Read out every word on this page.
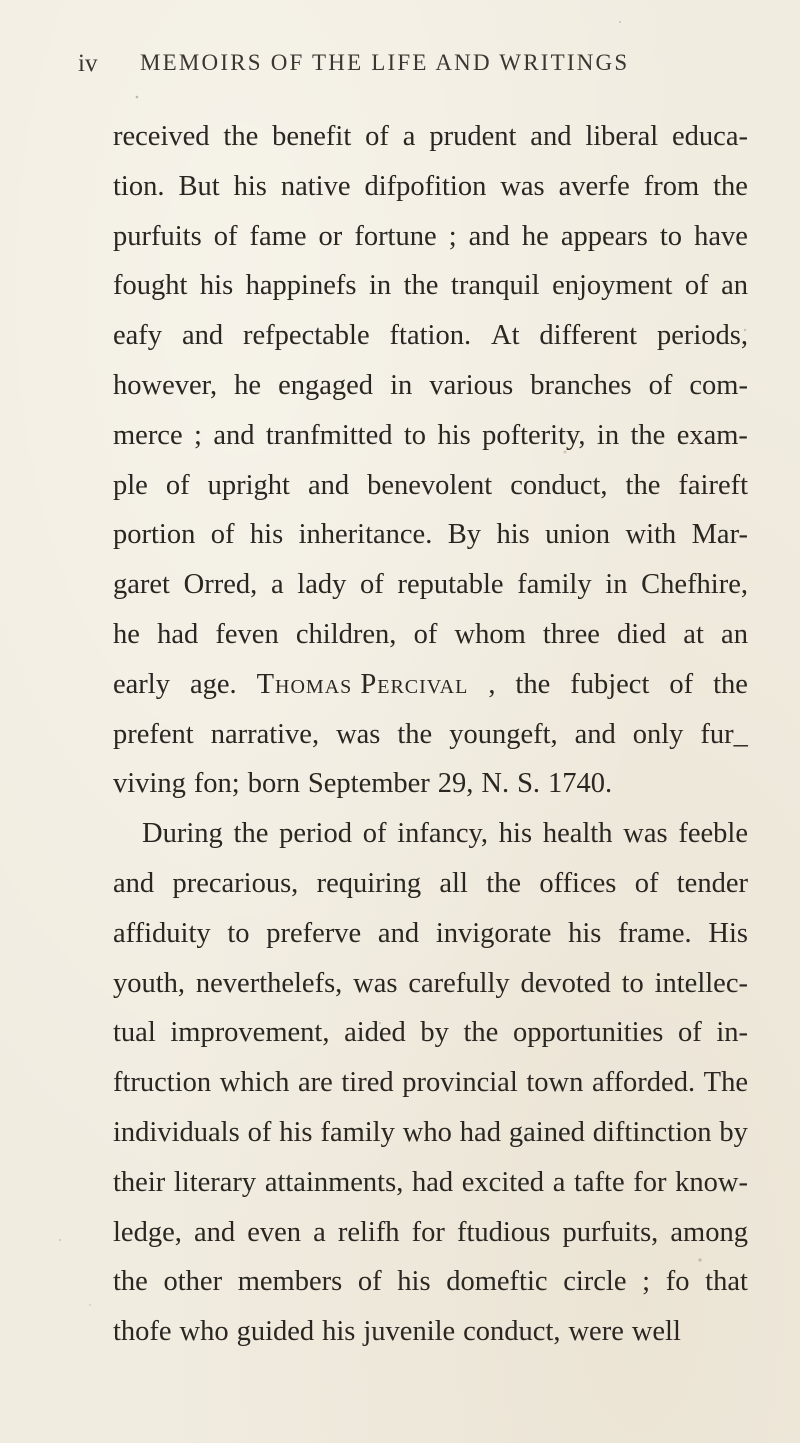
iv MEMOIRS OF THE LIFE AND WRITINGS
received the benefit of a prudent and liberal educa-
tion. But his native difpofition was averfe from the
purfuits of fame or fortune ; and he appears to have
fought his happinefs in the tranquil enjoyment of an
eafy and refpectable ftation. At different periods,
however, he engaged in various branches of com-
merce ; and tranfmitted to his pofterity, in the exam-
ple of upright and benevolent conduct, the faireft
portion of his inheritance. By his union with Mar-
garet Orred, a lady of reputable family in Chefhire,
he had feven children, of whom three died at an
early age. Thomas Percival , the fubject of the
prefent narrative, was the youngeft, and only fur_
viving fon; born September 29, N. S. 1740.
During the period of infancy, his health was feeble
and precarious, requiring all the offices of tender
affiduity to preferve and invigorate his frame. His
youth, neverthelefs, was carefully devoted to intellec-
tual improvement, aided by the opportunities of in-
ftruction which are tired provincial town afforded. The
individuals of his family who had gained diftinction by
their literary attainments, had excited a tafte for know-
ledge, and even a relifh for ftudious purfuits, among
the other members of his domeftic circle ; fo that
thofe who guided his juvenile conduct, were well
